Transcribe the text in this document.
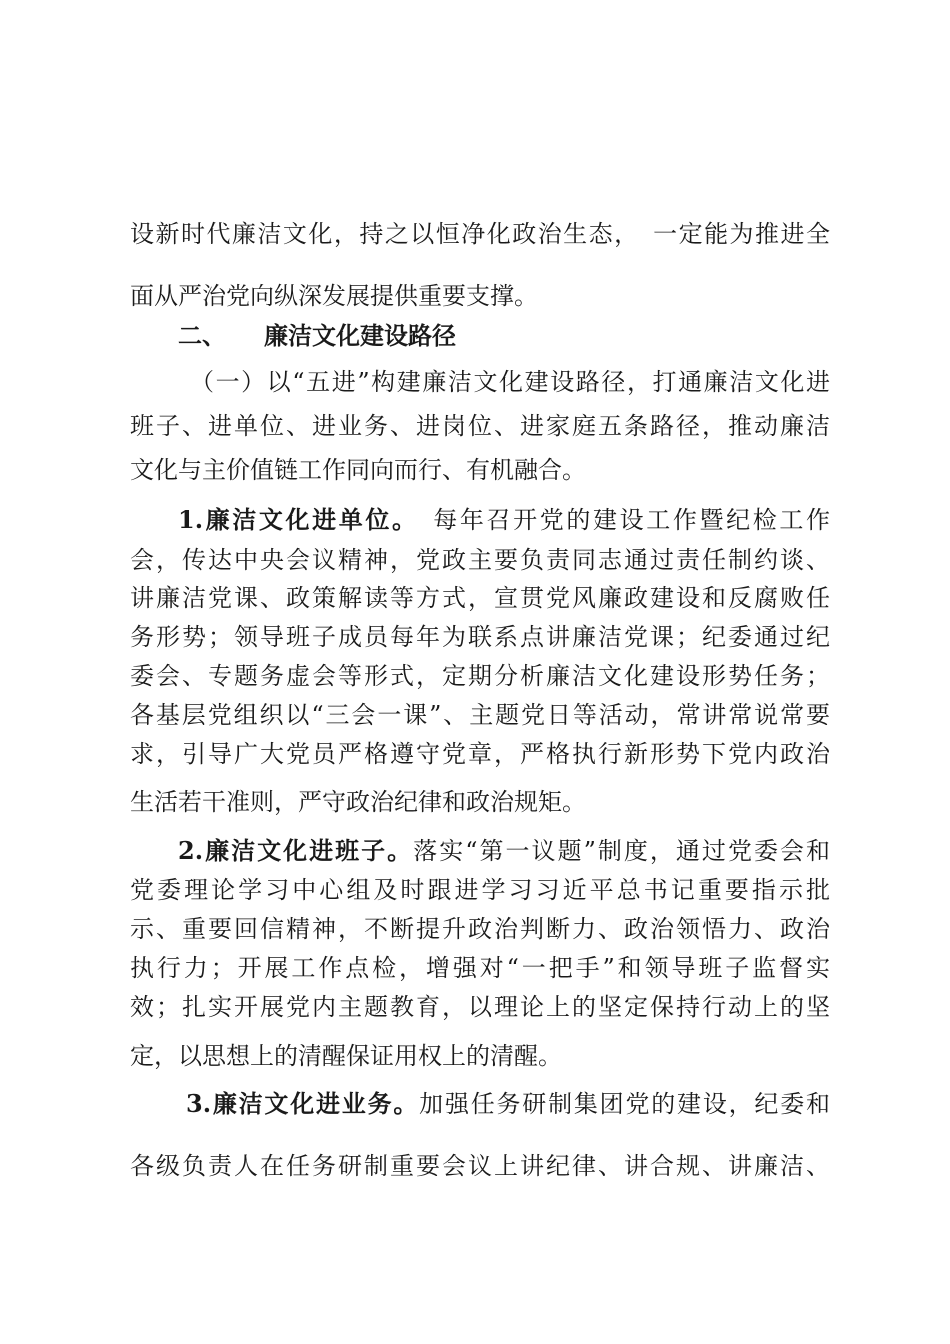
设新时代廉洁文化，持之以恒净化政治生态，　一定能为推进全
面从严治党向纵深发展提供重要支撑。
二、 廉洁文化建设路径
（一）以“五进”构建廉洁文化建设路径，打通廉洁文化进
班子、进单位、进业务、进岗位、进家庭五条路径，推动廉洁
文化与主价值链工作同向而行、有机融合。
1.廉洁文化进单位。　每年召开党的建设工作暨纪检工作
会，传达中央会议精神，党政主要负责同志通过责任制约谈、
讲廉洁党课、政策解读等方式，宣贯党风廉政建设和反腐败任
务形势；领导班子成员每年为联系点讲廉洁党课；纪委通过纪
委会、专题务虚会等形式，定期分析廉洁文化建设形势任务；
各基层党组织以“三会一课”、主题党日等活动，常讲常说常要
求，引导广大党员严格遵守党章，严格执行新形势下党内政治
生活若干准则，严守政治纪律和政治规矩。
2.廉洁文化进班子。落实“第一议题”制度，通过党委会和
党委理论学习中心组及时跟进学习习近平总书记重要指示批
示、重要回信精神，不断提升政治判断力、政治领悟力、政治
执行力；开展工作点检，增强对“一把手”和领导班子监督实
效；扎实开展党内主题教育，以理论上的坚定保持行动上的坚
定，以思想上的清醒保证用权上的清醒。
3.廉洁文化进业务。加强任务研制集团党的建设，纪委和
各级负责人在任务研制重要会议上讲纪律、讲合规、讲廉洁、
